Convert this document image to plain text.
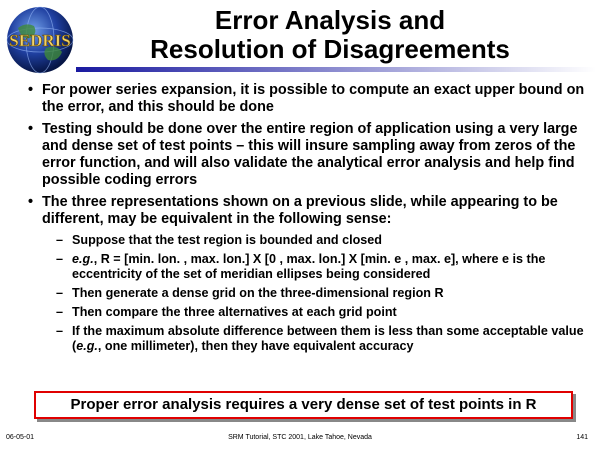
SEDRIS
Error Analysis and
Resolution of Disagreements
• For power series expansion, it is possible to compute an exact upper bound on the error, and this should be done
• Testing should be done over the entire region of application using a very large and dense set of test points – this will insure sampling away from zeros of the error function, and will also validate the analytical error analysis and help find possible coding errors
• The three representations shown on a previous slide, while appearing to be different, may be equivalent in the following sense:
– Suppose that the test region is bounded and closed
– e.g., R = [min. lon. , max. lon.] X [0 , max. lon.] X [min. e , max. e], where e is the eccentricity of the set of meridian ellipses being considered
– Then generate a dense grid on the three-dimensional region R
– Then compare the three alternatives at each grid point
– If the maximum absolute difference between them is less than some acceptable value (e.g., one millimeter), then they have equivalent accuracy
Proper error analysis requires a very dense set of test points in R
06-05-01	SRM Tutorial, STC 2001, Lake Tahoe, Nevada	141
